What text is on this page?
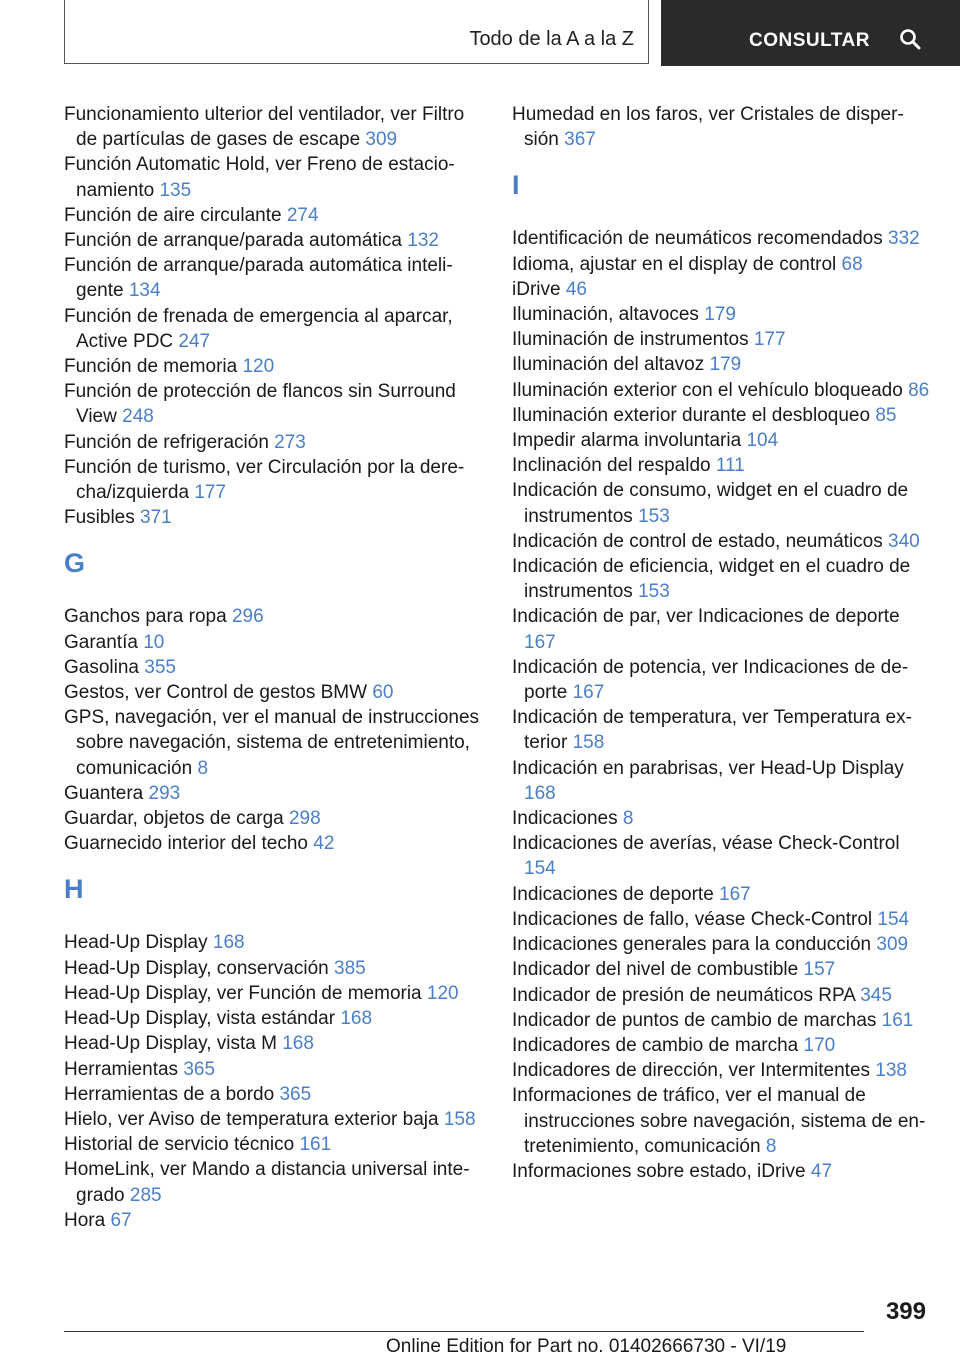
Todo de la A a la Z	CONSULTAR

Funcionamiento ulterior del ventilador, ver Filtro de partículas de gases de escape 309

Función Automatic Hold, ver Freno de estacionamiento 135

Función de aire circulante 274

Función de arranque/parada automática 132

Función de arranque/parada automática inteligente 134

Función de frenada de emergencia al aparcar, Active PDC 247

Función de memoria 120

Función de protección de flancos sin Surround View 248

Función de refrigeración 273

Función de turismo, ver Circulación por la derecha/izquierda 177

Fusibles 371

G

Ganchos para ropa 296

Garantía 10

Gasolina 355

Gestos, ver Control de gestos BMW 60

GPS, navegación, ver el manual de instrucciones sobre navegación, sistema de entretenimiento, comunicación 8

Guantera 293

Guardar, objetos de carga 298

Guarnecido interior del techo 42

H

Head-Up Display 168

Head-Up Display, conservación 385

Head-Up Display, ver Función de memoria 120

Head-Up Display, vista estándar 168

Head-Up Display, vista M 168

Herramientas 365

Herramientas de a bordo 365

Hielo, ver Aviso de temperatura exterior baja 158

Historial de servicio técnico 161

HomeLink, ver Mando a distancia universal integrado 285

Hora 67

Humedad en los faros, ver Cristales de dispersión 367

I

Identificación de neumáticos recomendados 332

Idioma, ajustar en el display de control 68

iDrive 46

Iluminación, altavoces 179

Iluminación de instrumentos 177

Iluminación del altavoz 179

Iluminación exterior con el vehículo bloqueado 86

Iluminación exterior durante el desbloqueo 85

Impedir alarma involuntaria 104

Inclinación del respaldo 111

Indicación de consumo, widget en el cuadro de instrumentos 153

Indicación de control de estado, neumáticos 340

Indicación de eficiencia, widget en el cuadro de instrumentos 153

Indicación de par, ver Indicaciones de deporte 167

Indicación de potencia, ver Indicaciones de deporte 167

Indicación de temperatura, ver Temperatura exterior 158

Indicación en parabrisas, ver Head-Up Display 168

Indicaciones 8

Indicaciones de averías, véase Check-Control 154

Indicaciones de deporte 167

Indicaciones de fallo, véase Check-Control 154

Indicaciones generales para la conducción 309

Indicador del nivel de combustible 157

Indicador de presión de neumáticos RPA 345

Indicador de puntos de cambio de marchas 161

Indicadores de cambio de marcha 170

Indicadores de dirección, ver Intermitentes 138

Informaciones de tráfico, ver el manual de instrucciones sobre navegación, sistema de entretenimiento, comunicación 8

Informaciones sobre estado, iDrive 47

399
Online Edition for Part no. 01402666730 - VI/19
